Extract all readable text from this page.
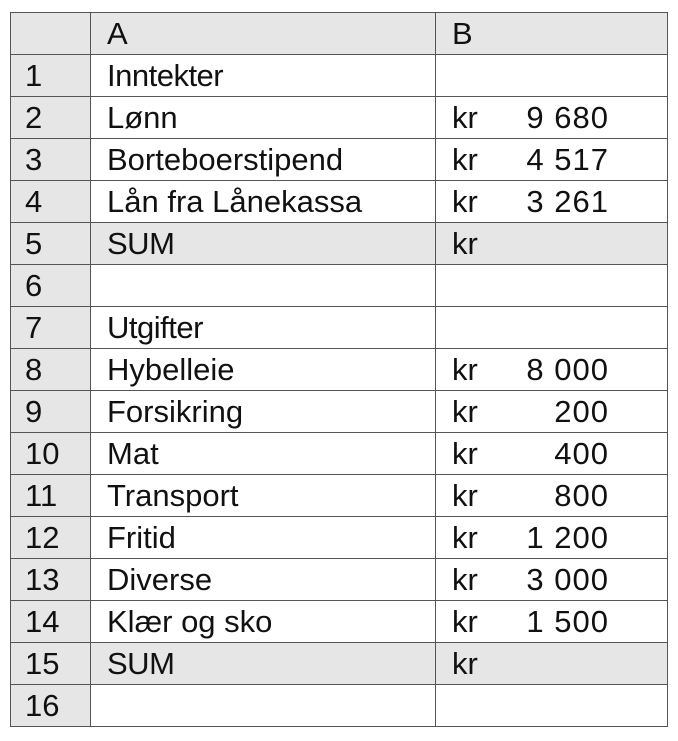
	A	B
1	Inntekter	

2	Lønn	kr 9 680

3	Borteboerstipend	kr 4 517

4	Lån fra Lånekassa	kr 3 261

5	SUM	kr

6		

7	Utgifter	

8	Hybelleie	kr 8 000

9	Forsikring	kr 200

10	Mat	kr 400

11	Transport	kr 800

12	Fritid	kr 1 200

13	Diverse	kr 3 000

14	Klær og sko	kr 1 500

15	SUM	kr

16		
